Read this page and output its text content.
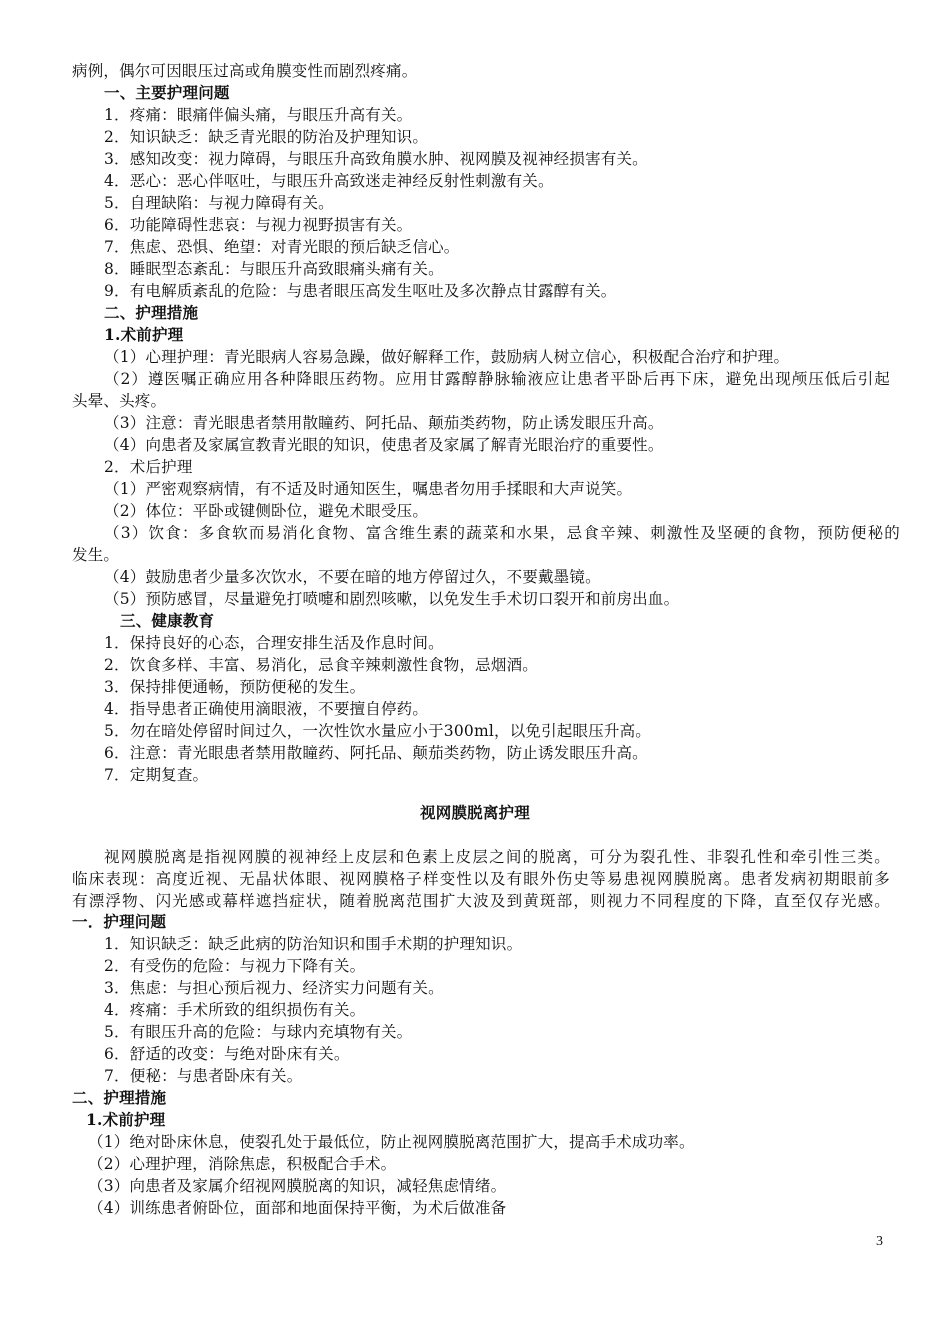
病例，偶尔可因眼压过高或角膜变性而剧烈疼痛。
一、主要护理问题
1．疼痛：眼痛伴偏头痛，与眼压升高有关。
2．知识缺乏：缺乏青光眼的防治及护理知识。
3．感知改变：视力障碍，与眼压升高致角膜水肿、视网膜及视神经损害有关。
4．恶心：恶心伴呕吐，与眼压升高致迷走神经反射性刺激有关。
5．自理缺陷：与视力障碍有关。
6．功能障碍性悲哀：与视力视野损害有关。
7．焦虑、恐惧、绝望：对青光眼的预后缺乏信心。
8．睡眠型态紊乱：与眼压升高致眼痛头痛有关。
9．有电解质紊乱的危险：与患者眼压高发生呕吐及多次静点甘露醇有关。
二、护理措施
1.术前护理
（1）心理护理：青光眼病人容易急躁，做好解释工作，鼓励病人树立信心，积极配合治疗和护理。
（2）遵医嘱正确应用各种降眼压药物。应用甘露醇静脉输液应让患者平卧后再下床，避免出现颅压低后引起
头晕、头疼。
（3）注意：青光眼患者禁用散瞳药、阿托品、颠茄类药物，防止诱发眼压升高。
（4）向患者及家属宣教青光眼的知识，使患者及家属了解青光眼治疗的重要性。
2．术后护理
（1）严密观察病情，有不适及时通知医生，嘱患者勿用手揉眼和大声说笑。
（2）体位：平卧或键侧卧位，避免术眼受压。
（3）饮食：多食软而易消化食物、富含维生素的蔬菜和水果，忌食辛辣、刺激性及坚硬的食物，预防便秘的
发生。
（4）鼓励患者少量多次饮水，不要在暗的地方停留过久，不要戴墨镜。
（5）预防感冒，尽量避免打喷嚏和剧烈咳嗽，以免发生手术切口裂开和前房出血。
三、健康教育
1．保持良好的心态，合理安排生活及作息时间。
2．饮食多样、丰富、易消化，忌食辛辣刺激性食物，忌烟酒。
3．保持排便通畅，预防便秘的发生。
4．指导患者正确使用滴眼液，不要擅自停药。
5．勿在暗处停留时间过久，一次性饮水量应小于300ml，以免引起眼压升高。
6．注意：青光眼患者禁用散瞳药、阿托品、颠茄类药物，防止诱发眼压升高。
7．定期复查。
视网膜脱离护理
视网膜脱离是指视网膜的视神经上皮层和色素上皮层之间的脱离，可分为裂孔性、非裂孔性和牵引性三类。
临床表现：高度近视、无晶状体眼、视网膜格子样变性以及有眼外伤史等易患视网膜脱离。患者发病初期眼前多
有漂浮物、闪光感或幕样遮挡症状，随着脱离范围扩大波及到黄斑部，则视力不同程度的下降，直至仅存光感。
一．护理问题
1．知识缺乏：缺乏此病的防治知识和围手术期的护理知识。
2．有受伤的危险：与视力下降有关。
3．焦虑：与担心预后视力、经济实力问题有关。
4．疼痛：手术所致的组织损伤有关。
5．有眼压升高的危险：与球内充填物有关。
6．舒适的改变：与绝对卧床有关。
7．便秘：与患者卧床有关。
二、护理措施
1.术前护理
（1）绝对卧床休息，使裂孔处于最低位，防止视网膜脱离范围扩大，提高手术成功率。
（2）心理护理，消除焦虑，积极配合手术。
（3）向患者及家属介绍视网膜脱离的知识，减轻焦虑情绪。
（4）训练患者俯卧位，面部和地面保持平衡，为术后做准备
3
